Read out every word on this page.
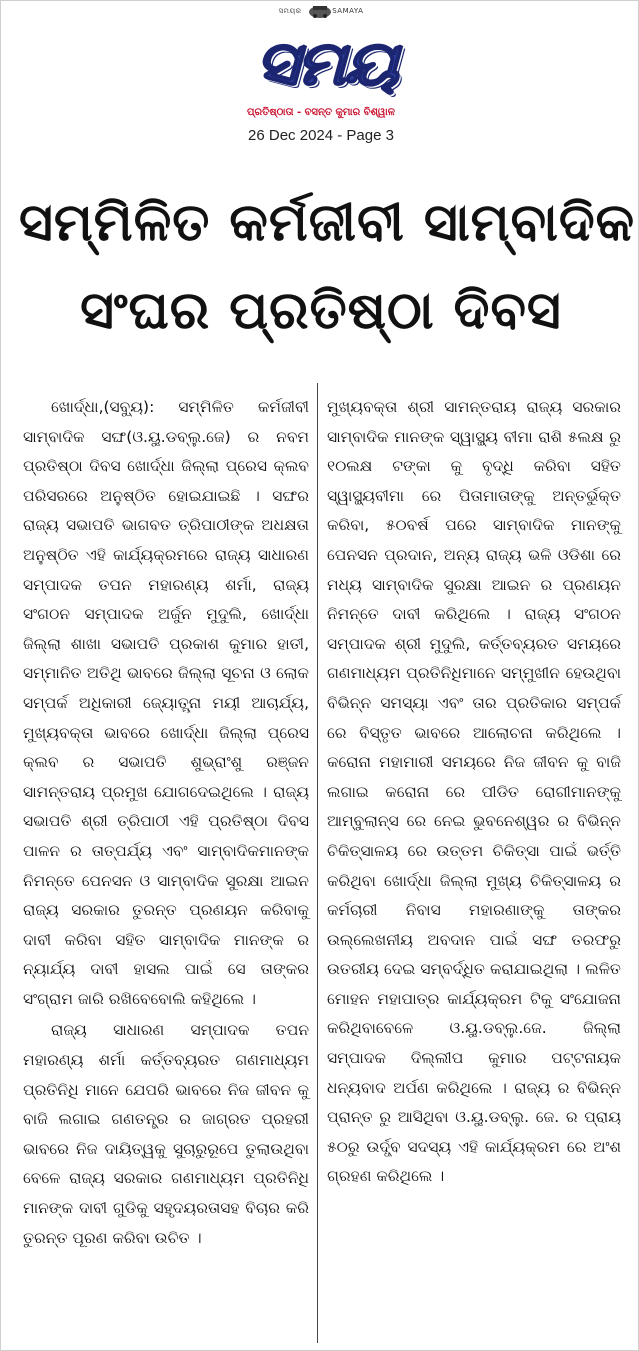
ସମୟର	SAMAYA
ସମୟ
ପ୍ରତିଷ୍ଠାତା - ବସନ୍ତ କୁମାର ବିଶ୍ୱାଳ
26 Dec 2024 - Page 3
ସମ୍ମିଳିତ କର୍ମଜୀବୀ ସାମ୍ବାଦିକ
ସଂଘର ପ୍ରତିଷ୍ଠା ଦିବସ

ଖୋର୍ଦ୍ଧା,(ସବ୍ୟୁ): ସମ୍ମିଳିତ କର୍ମଜୀବୀ ସାମ୍ବାଦିକ ସଙ୍ଘ(ଓ.ୟୁ.ଡବ୍ଲୁ.ଜେ) ର ନବମ ପ୍ରତିଷ୍ଠା ଦିବସ ଖୋର୍ଦ୍ଧା ଜିଲ୍ଲା ପ୍ରେସ କ୍ଲବ ପରିସରରେ ଅନୁଷ୍ଠିତ ହୋଇଯାଇଛି । ସଙ୍ଘର ରାଜ୍ୟ ସଭାପତି ଭାଗବତ ତ୍ରିପାଠୀଙ୍କ ଅଧକ୍ଷତା ଅନୁଷ୍ଠିତ ଏହି କାର୍ଯ୍ୟକ୍ରମରେ ରାଜ୍ୟ ସାଧାରଣ ସମ୍ପାଦକ ତପନ ମହାରଣ୍ୟ ଶର୍ମା, ରାଜ୍ୟ ସଂଗଠନ ସମ୍ପାଦକ ଅର୍ଜୁନ ମୁଦୁଲି, ଖୋର୍ଦ୍ଧା ଜିଲ୍ଲା ଶାଖା ସଭାପତି ପ୍ରକାଶ କୁମାର ହାତୀ, ସମ୍ମାନିତ ଅତିଥି ଭାବରେ ଜିଲ୍ଲା ସୂଚନା ଓ ଲୋକ ସମ୍ପର୍କ ଅଧିକାରୀ ଜ୍ୟୋତ୍ସ୍ନା ମୟୀ ଆଚାର୍ଯ୍ୟ, ମୁଖ୍ୟବକ୍ତା ଭାବରେ ଖୋର୍ଦ୍ଧା ଜିଲ୍ଲା ପ୍ରେସ କ୍ଲବ ର ସଭାପତି ଶୁଭ୍ରାଂଶୁ ରଞ୍ଜନ ସାମନ୍ତରାୟ ପ୍ରମୁଖ ଯୋଗଦେଇଥିଲେ । ରାଜ୍ୟ ସଭାପତି ଶ୍ରୀ ତ୍ରିପାଠୀ ଏହି ପ୍ରତିଷ୍ଠା ଦିବସ ପାଳନ ର ତାତ୍ପର୍ଯ୍ୟ ଏବଂ ସାମ୍ବାଦିକମାନଙ୍କ ନିମନ୍ତେ ପେନସନ ଓ ସାମ୍ବାଦିକ ସୁରକ୍ଷା ଆଇନ ରାଜ୍ୟ ସରକାର ତୁରନ୍ତ ପ୍ରଣୟନ କରିବାକୁ ଦାବୀ କରିବା ସହିତ ସାମ୍ବାଦିକ ମାନଙ୍କ ର ନ୍ୟାର୍ଯ୍ୟ ଦାବୀ ହାସଲ ପାଇଁ ସେ ତାଙ୍କର ସଂଗ୍ରାମ ଜାରି ରଖିବେବୋଲି କହିଥିଲେ ।

ରାଜ୍ୟ ସାଧାରଣ ସମ୍ପାଦକ ତପନ ମହାରଣ୍ୟ ଶର୍ମା କର୍ତ୍ତବ୍ୟରତ ଗଣମାଧ୍ୟମ ପ୍ରତିନିଧି ମାନେ ଯେପରି ଭାବରେ ନିଜ ଜୀବନ କୁ ବାଜି ଲଗାଇ ଗଣତନ୍ତ୍ର ର ଜାଗ୍ରତ ପ୍ରହରୀ ଭାବରେ ନିଜ ଦାୟିତ୍ୱକୁ ସୁଚାରୁରୂପେ ତୁଲାଉଥିବା ବେଳେ ରାଜ୍ୟ ସରକାର ଗଣମାଧ୍ୟମ ପ୍ରତିନିଧି ମାନଙ୍କ ଦାବୀ ଗୁଡିକୁ ସହୃଦୟରତାସହ ବିଚାର କରି ତୁରନ୍ତ ପୂରଣ କରିବା ଉଚିତ ।

ମୁଖ୍ୟବକ୍ତା ଶ୍ରୀ ସାମନ୍ତରାୟ ରାଜ୍ୟ ସରକାର ସାମ୍ବାଦିକ ମାନଙ୍କ ସ୍ୱାସ୍ଥ୍ୟ ବୀମା ରାଶି ୫ଲକ୍ଷ ରୁ ୧୦ଲକ୍ଷ ଟଙ୍କା କୁ ବୃଦ୍ଧି କରିବା ସହିତ ସ୍ୱାସ୍ଥ୍ୟବୀମା ରେ ପିତାମାତାଙ୍କୁ ଅନ୍ତର୍ଭୁକ୍ତ କରିବା, ୫୦ବର୍ଷ ପରେ ସାମ୍ବାଦିକ ମାନଙ୍କୁ ପେନସନ ପ୍ରଦାନ, ଅନ୍ୟ ରାଜ୍ୟ ଭଳି ଓଡିଶା ରେ ମଧ୍ୟ ସାମ୍ବାଦିକ ସୁରକ୍ଷା ଆଇନ ର ପ୍ରଣୟନ ନିମନ୍ତେ ଦାବୀ କରିଥିଲେ । ରାଜ୍ୟ ସଂଗଠନ ସମ୍ପାଦକ ଶ୍ରୀ ମୁଦୁଲି, କର୍ତ୍ତବ୍ୟରତ ସମୟରେ ଗଣମାଧ୍ୟମ ପ୍ରତିନିଧିମାନେ ସମ୍ମୁଖୀନ ହେଉଥିବା ବିଭିନ୍ନ ସମସ୍ୟା ଏବଂ ତାର ପ୍ରତିକାର ସମ୍ପର୍କ ରେ ବିସ୍ତୃତ ଭାବରେ ଆଲୋଚନା କରିଥିଲେ । କରୋନା ମହାମାରୀ ସମୟରେ ନିଜ ଜୀବନ କୁ ବାଜି ଲଗାଇ କରୋନା ରେ ପୀଡିତ ରୋଗୀମାନଙ୍କୁ ଆମ୍ବୁଲାନ୍ସ ରେ ନେଇ ଭୁବନେଶ୍ୱର ର ବିଭିନ୍ନ ଚିକିତ୍ସାଳୟ ରେ ଉତ୍ତମ ଚିକିତ୍ସା ପାଇଁ ଭର୍ତ୍ତି କରିଥିବା ଖୋର୍ଦ୍ଧା ଜିଲ୍ଲା ମୁଖ୍ୟ ଚିକିତ୍ସାଳୟ ର କର୍ମଚାରୀ ନିବାସ ମହାରଣାଙ୍କୁ ତାଙ୍କର ଉଲ୍ଲେଖନୀୟ ଅବଦାନ ପାଇଁ ସଙ୍ଘ ତରଫରୁ ଉତରୀୟ ଦେଇ ସମ୍ବର୍ଦ୍ଧିତ କରାଯାଇଥିଲା । ଲଳିତ ମୋହନ ମହାପାତ୍ର କାର୍ଯ୍ୟକ୍ରମ ଟିକୁ ସଂଯୋଜନା କରିଥିବାବେଳେ ଓ.ୟୁ.ଡବ୍ଲୁ.ଜେ. ଜିଲ୍ଲା ସମ୍ପାଦକ ଦିଲ୍ଲୀପ କୁମାର ପଟ୍ଟନାୟକ ଧନ୍ୟବାଦ ଅର୍ପଣ କରିଥିଲେ । ରାଜ୍ୟ ର ବିଭିନ୍ନ ପ୍ରାନ୍ତ ରୁ ଆସିଥିବା ଓ.ୟୁ.ଡବ୍ଲୁ. ଜେ. ର ପ୍ରାୟ ୫୦ରୁ ଉର୍ଦ୍ଧ୍ବ ସଦସ୍ୟ ଏହି କାର୍ଯ୍ୟକ୍ରମ ରେ ଅଂଶ ଗ୍ରହଣ କରିଥିଲେ ।
